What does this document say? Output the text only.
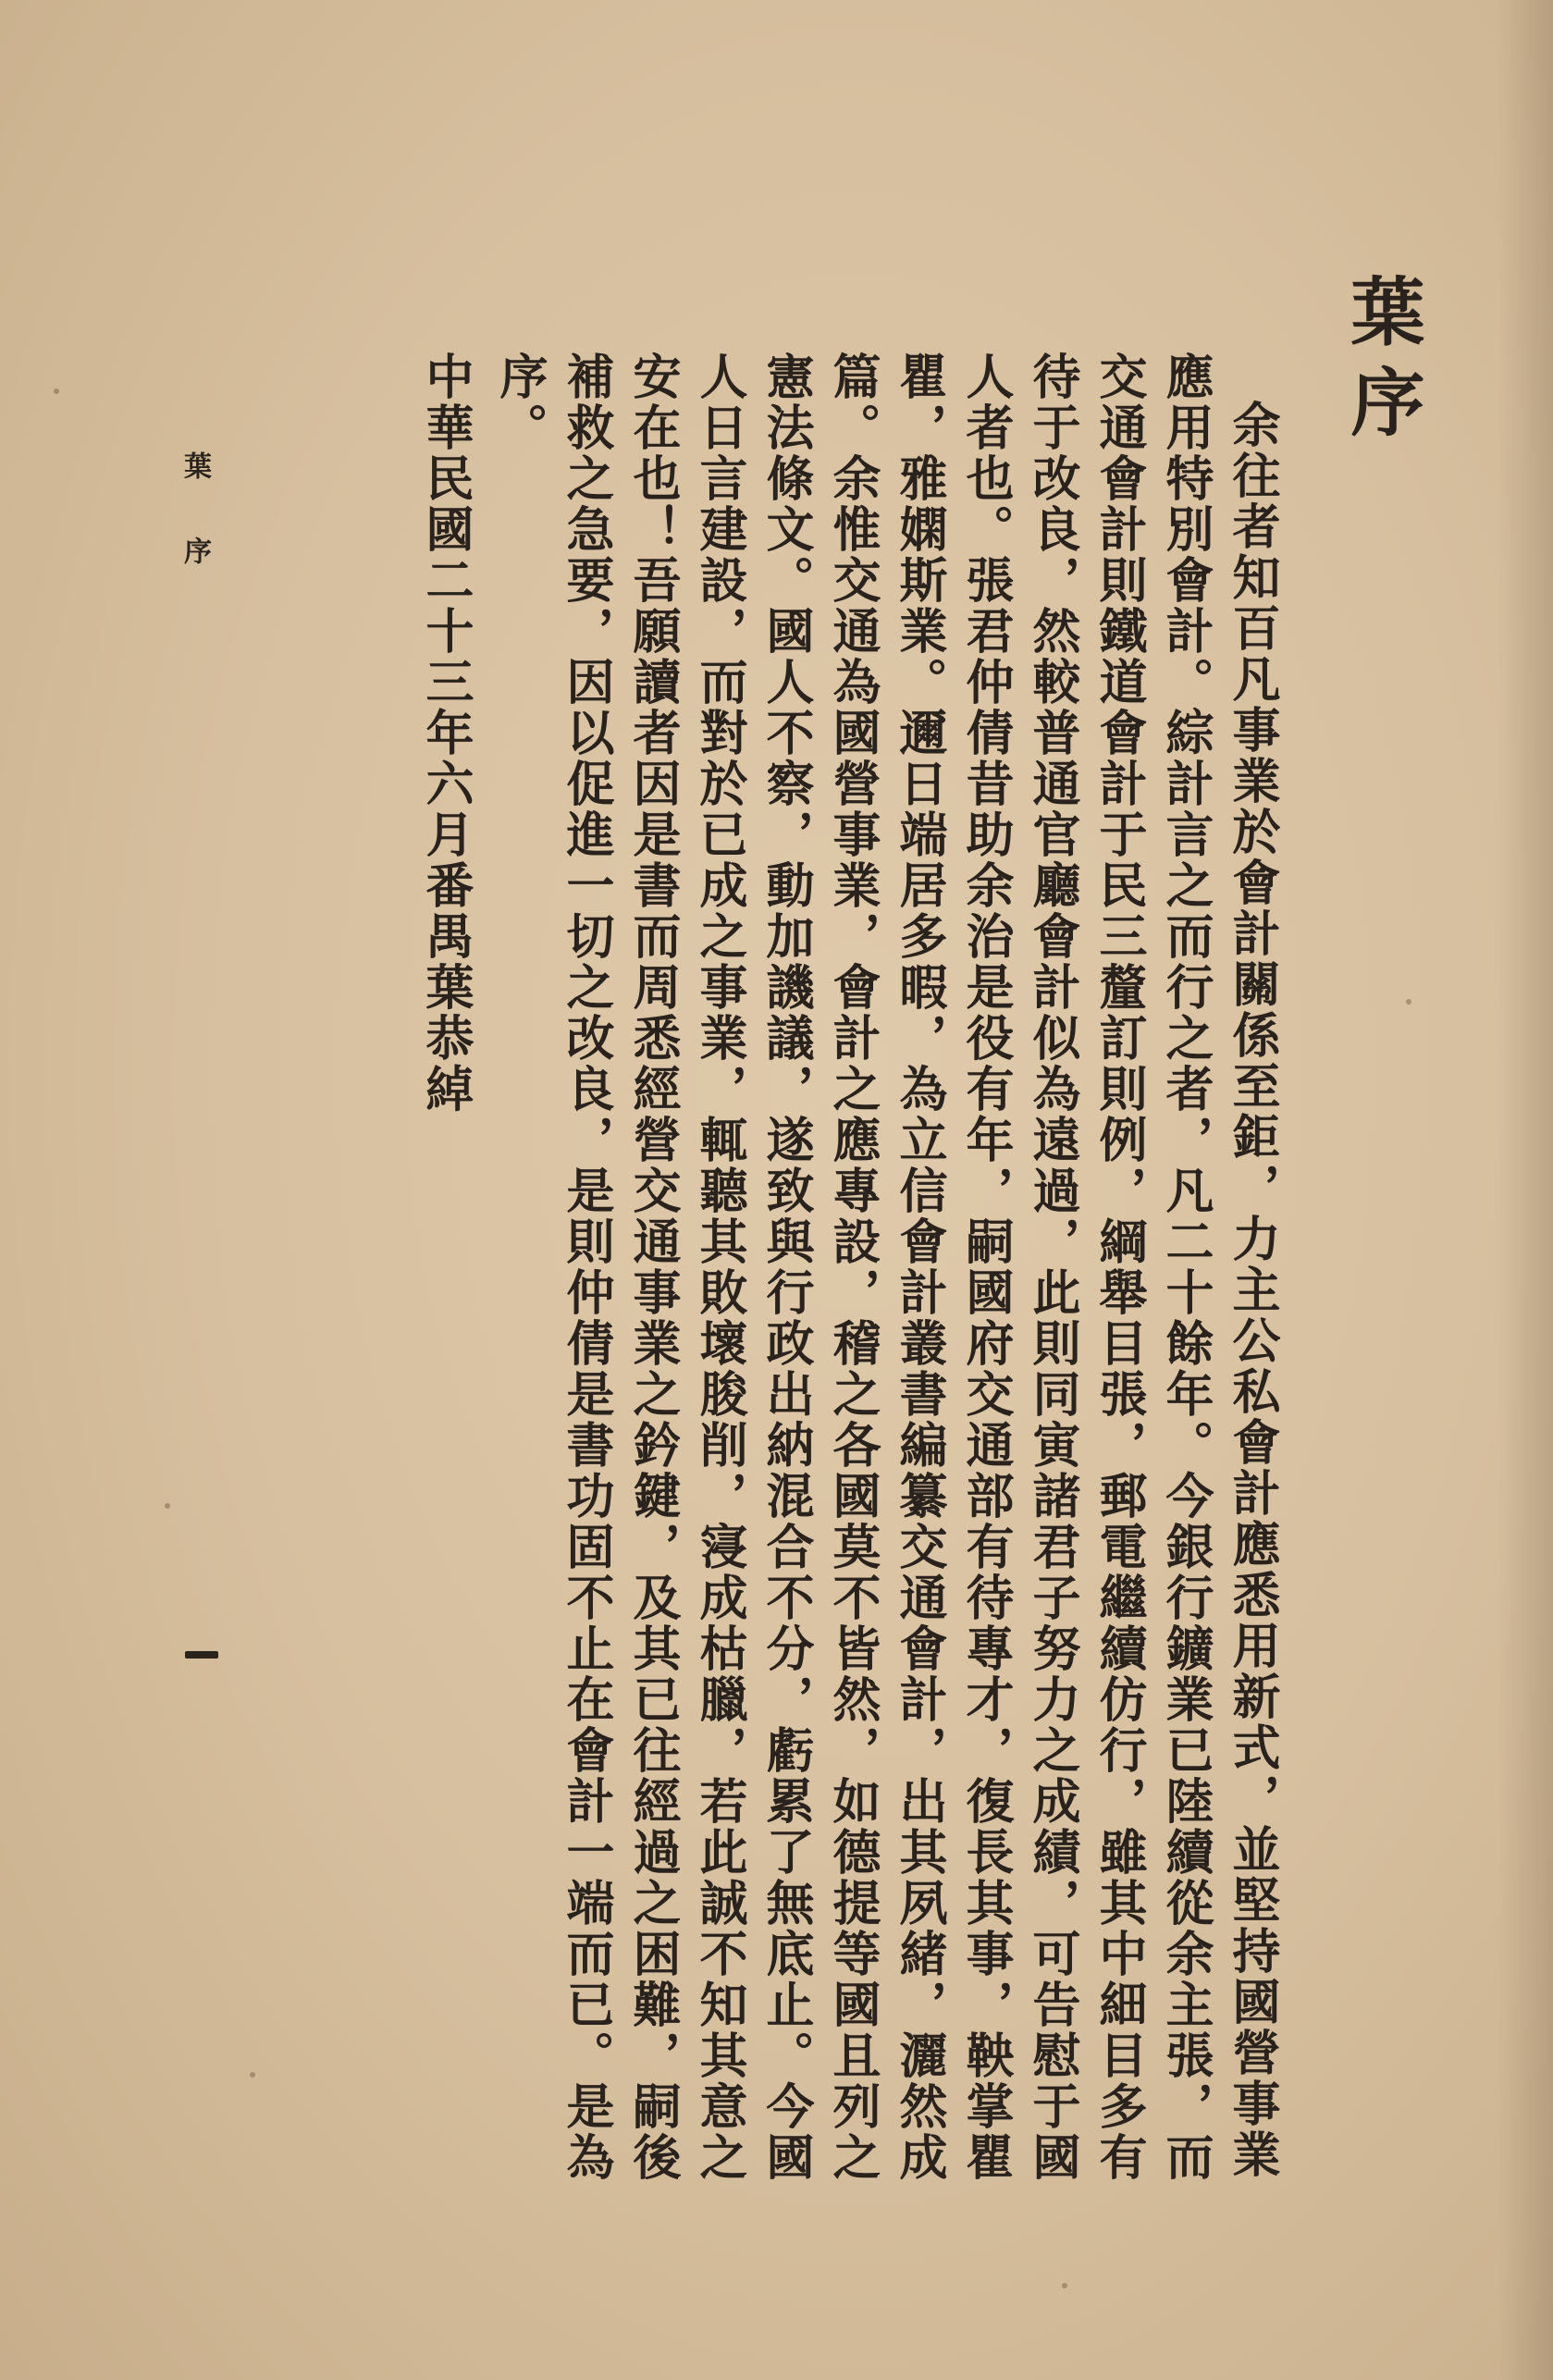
葉序

余往者知百凡事業於會計關係至鉅，力主公私會計應悉用新式，並堅持國營事業應用特別會計。綜計言之而行之者，凡二十餘年。今銀行鑛業已陸續從余主張，而交通會計則鐵道會計于民三釐訂則例，綱舉目張，郵電繼續仿行，雖其中細目多有待于改良，然較普通官廳會計似為遠過，此則同寅諸君子努力之成績，可告慰于國人者也。張君仲倩昔助余治是役有年，嗣國府交通部有待專才，復長其事，鞅掌瞿瞿，雅嫻斯業。邇日端居多暇，為立信會計叢書編纂交通會計，出其夙緒，灑然成篇。余惟交通為國營事業，會計之應專設，稽之各國莫不皆然，如德提等國且列之憲法條文。國人不察，動加譏議，遂致與行政出納混合不分，虧累了無底止。今國人日言建設，而對於已成之事業，輒聽其敗壞朘削，寖成枯臘，若此誠不知其意之安在也！吾願讀者因是書而周悉經營交通事業之鈐鍵，及其已往經過之困難，嗣後補救之急要，因以促進一切之改良，是則仲倩是書功固不止在會計一端而已。是為序。

中華民國二十三年六月番禺葉恭綽

葉序
